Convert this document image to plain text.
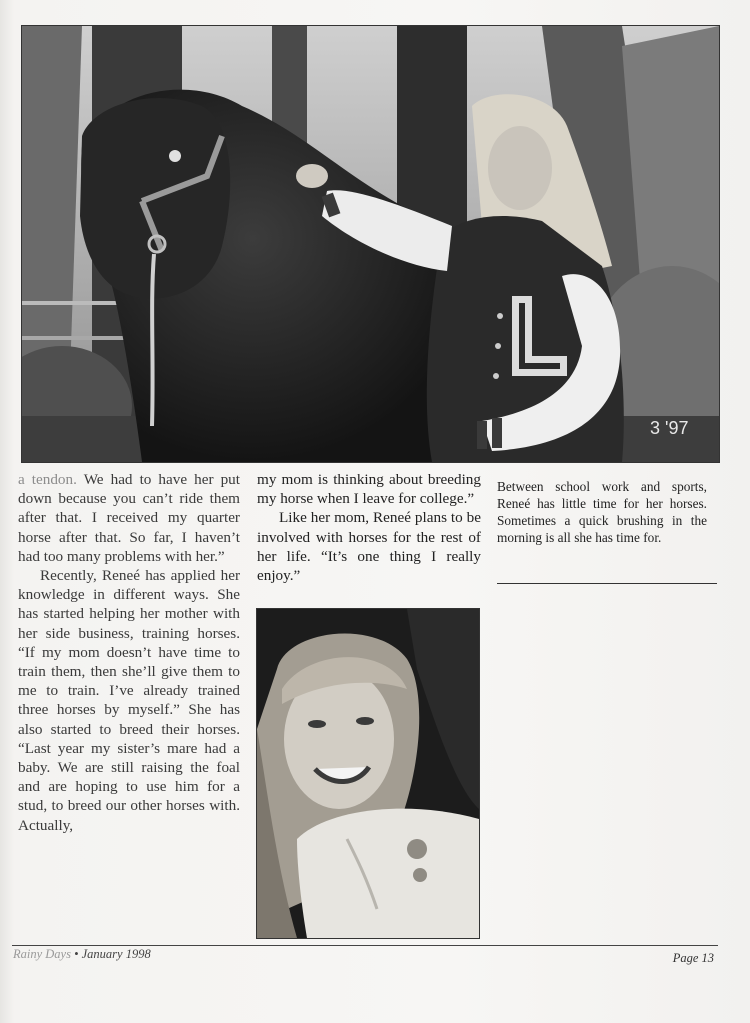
3 '97

a tendon. We had to have her put down because you can’t ride them after that. I received my quarter horse after that. So far, I haven’t had too many problems with her.”

Recently, Reneé has applied her knowledge in different ways. She has started helping her mother with her side business, training horses. “If my mom doesn’t have time to train them, then she’ll give them to me to train. I’ve already trained three horses by myself.” She has also started to breed their horses. “Last year my sister’s mare had a baby. We are still raising the foal and are hoping to use him for a stud, to breed our other horses with. Actually,

my mom is thinking about breeding my horse when I leave for college.”

Like her mom, Reneé plans to be involved with horses for the rest of her life. “It’s one thing I really enjoy.”

Between school work and sports, Reneé has little time for her horses. Sometimes a quick brushing in the morning is all she has time for.
Rainy Days • January 1998	Page 13
